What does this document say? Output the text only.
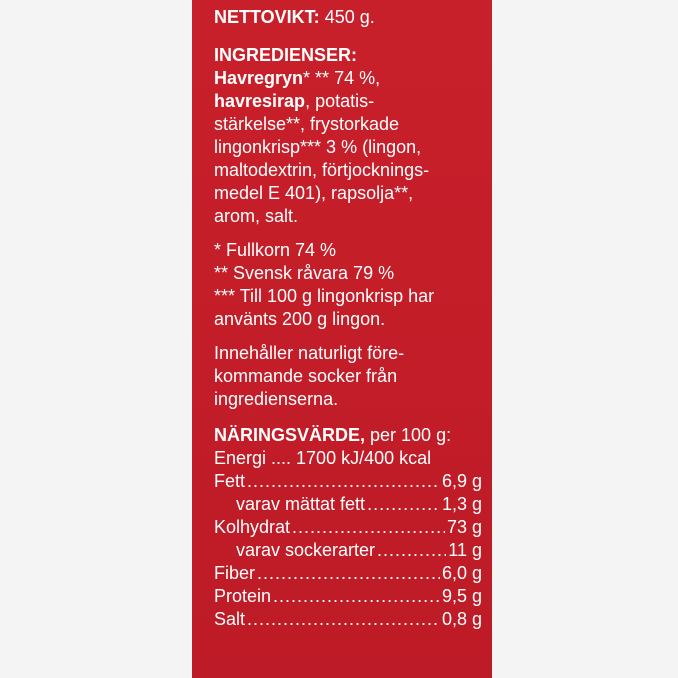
NETTOVIKT: 450 g.

INGREDIENSER:

Havregryn* ** 74 %,

havresirap, potatis-

stärkelse**, frystorkade

lingonkrisp*** 3 % (lingon,

maltodextrin, förtjocknings-

medel E 401), rapsolja**,

arom, salt.

* Fullkorn 74 %

** Svensk råvara 79 %

*** Till 100 g lingonkrisp har

använts 200 g lingon.

Innehåller naturligt före-

kommande socker från

ingredienserna.

NÄRINGSVÄRDE, per 100 g:

Energi .... 1700 kJ/400 kcal

Fett .....	6,9 g
varav mättat fett .....	1,3 g
Kolhydrat .....	73 g
varav sockerarter .....	11 g
Fiber .....	6,0 g
Protein .....	9,5 g
Salt .....	0,8 g
